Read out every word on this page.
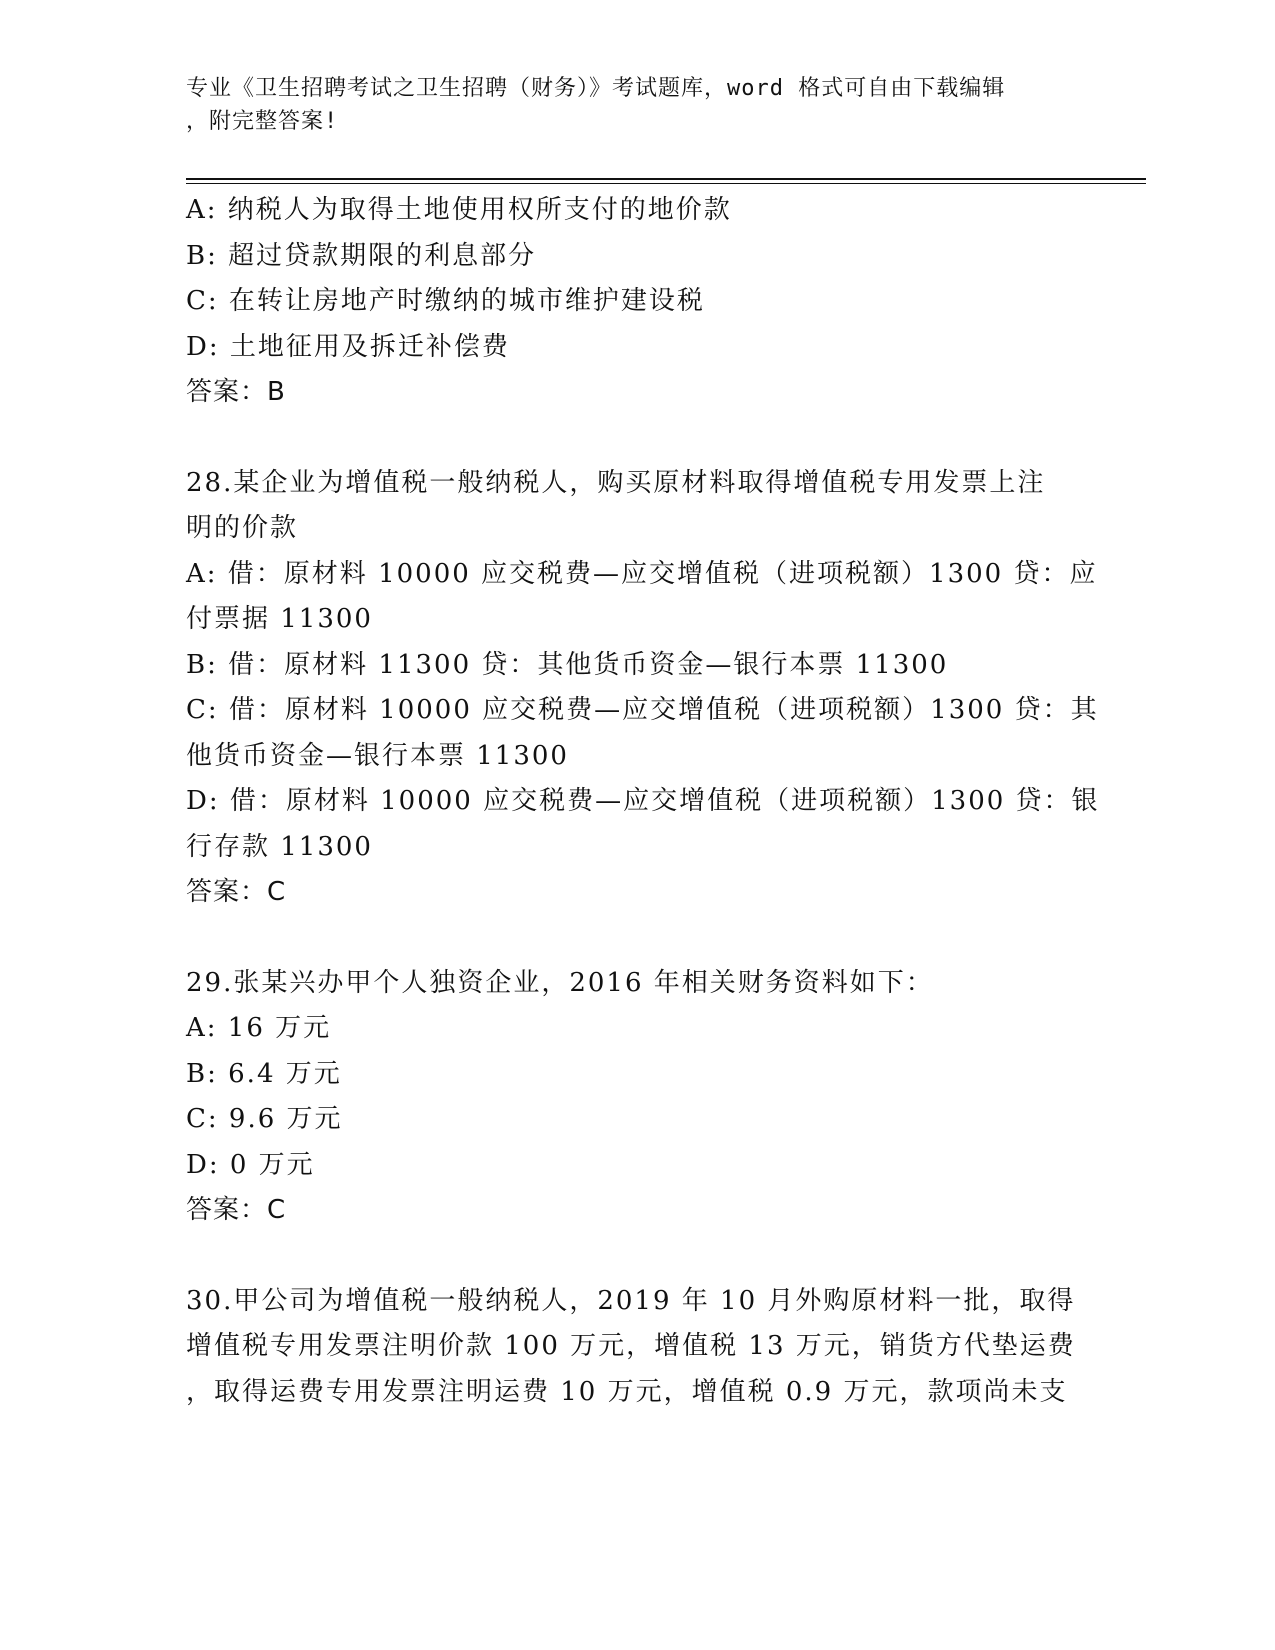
专业《卫生招聘考试之卫生招聘（财务）》考试题库，word 格式可自由下载编辑
，附完整答案!
A: 纳税人为取得土地使用权所支付的地价款
B: 超过贷款期限的利息部分
C: 在转让房地产时缴纳的城市维护建设税
D: 土地征用及拆迁补偿费
答案：B
28.某企业为增值税一般纳税人，购买原材料取得增值税专用发票上注
明的价款
A: 借：原材料 10000 应交税费—应交增值税（进项税额）1300 贷：应
付票据 11300
B: 借：原材料 11300 贷：其他货币资金—银行本票 11300
C: 借：原材料 10000 应交税费—应交增值税（进项税额）1300 贷：其
他货币资金—银行本票 11300
D: 借：原材料 10000 应交税费—应交增值税（进项税额）1300 贷：银
行存款 11300
答案：C
29.张某兴办甲个人独资企业，2016 年相关财务资料如下：
A: 16 万元
B: 6.4 万元
C: 9.6 万元
D: 0 万元
答案：C
30.甲公司为增值税一般纳税人，2019 年 10 月外购原材料一批，取得
增值税专用发票注明价款 100 万元，增值税 13 万元，销货方代垫运费
，取得运费专用发票注明运费 10 万元，增值税 0.9 万元，款项尚未支
